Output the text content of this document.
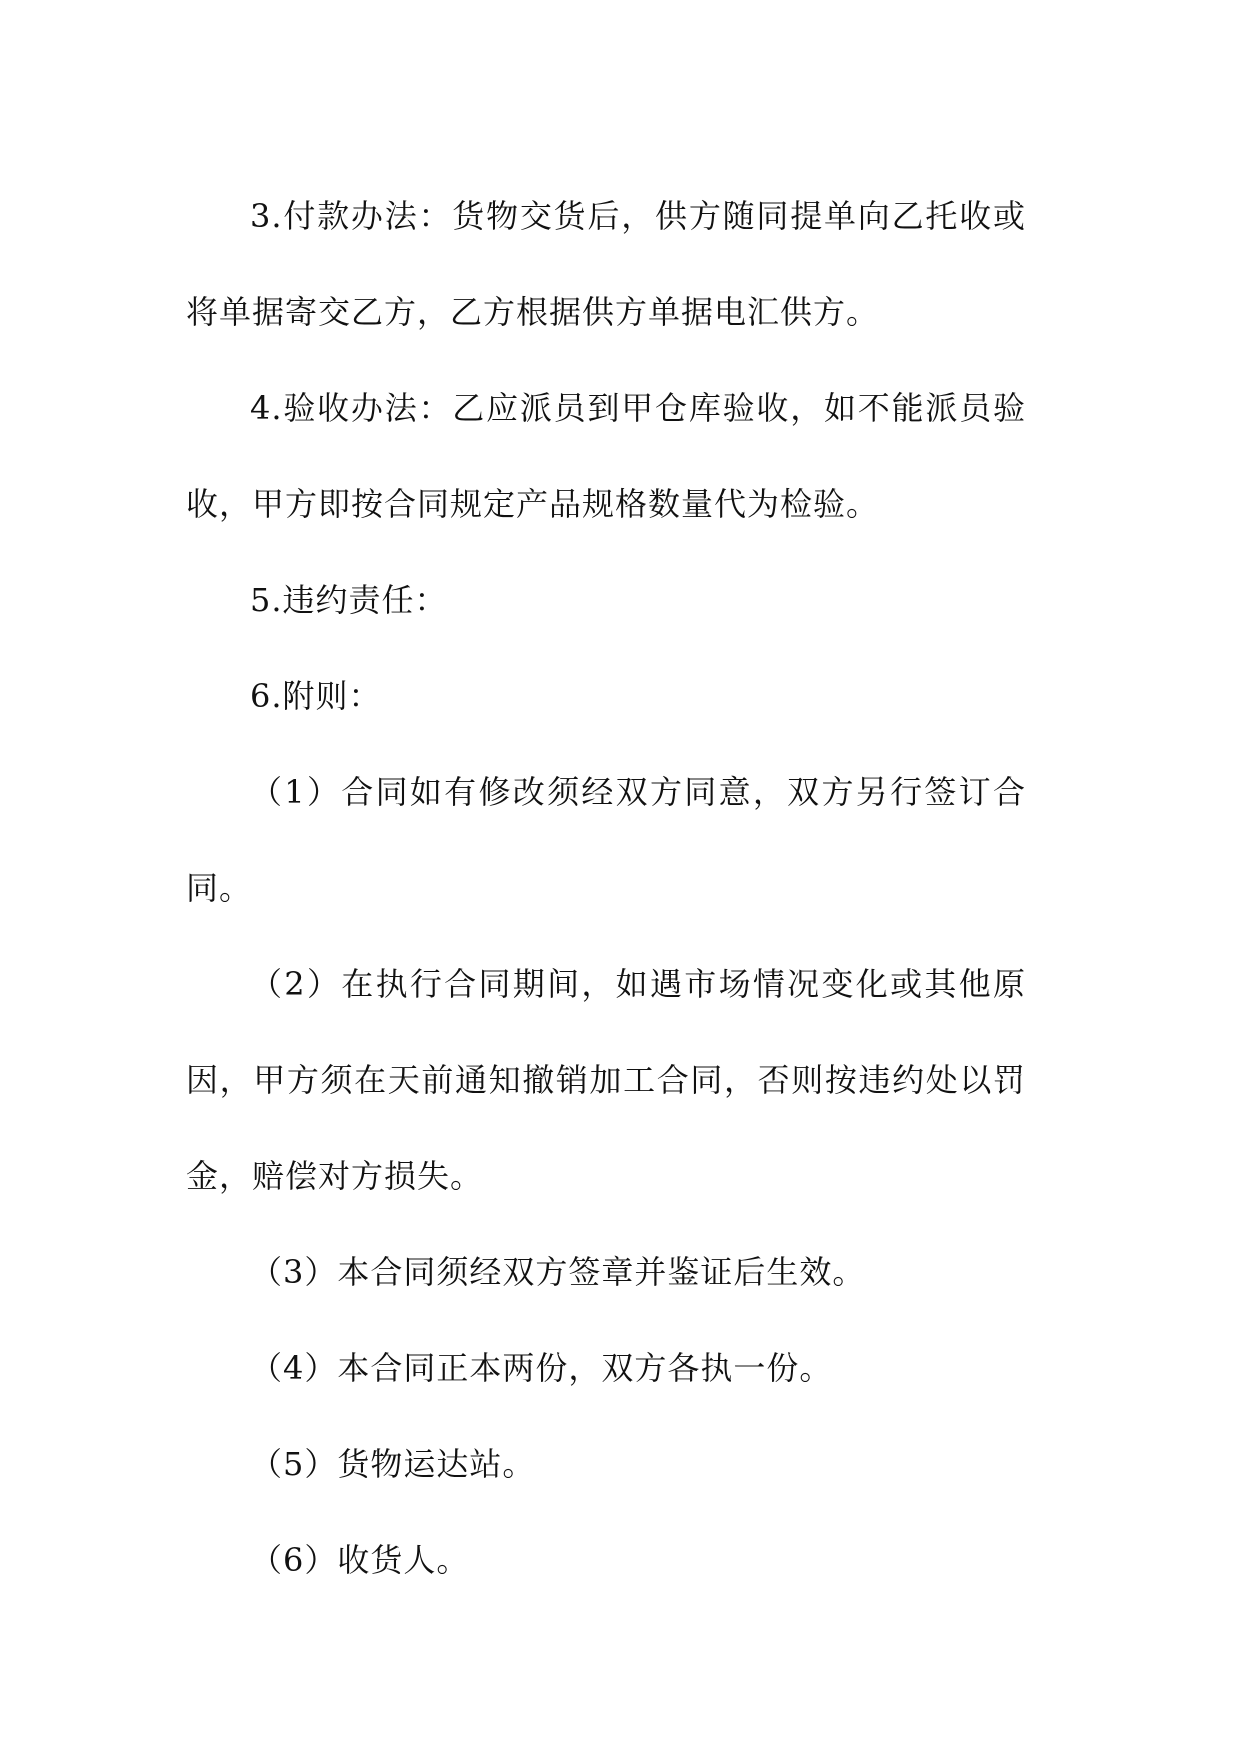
3.付款办法：货物交货后，供方随同提单向乙托收或将单据寄交乙方，乙方根据供方单据电汇供方。

4.验收办法：乙应派员到甲仓库验收，如不能派员验收，甲方即按合同规定产品规格数量代为检验。

5.违约责任：

6.附则：

（1）合同如有修改须经双方同意，双方另行签订合同。

（2）在执行合同期间，如遇市场情况变化或其他原因，甲方须在天前通知撤销加工合同，否则按违约处以罚金，赔偿对方损失。

（3）本合同须经双方签章并鉴证后生效。

（4）本合同正本两份，双方各执一份。

（5）货物运达站。

（6）收货人。
